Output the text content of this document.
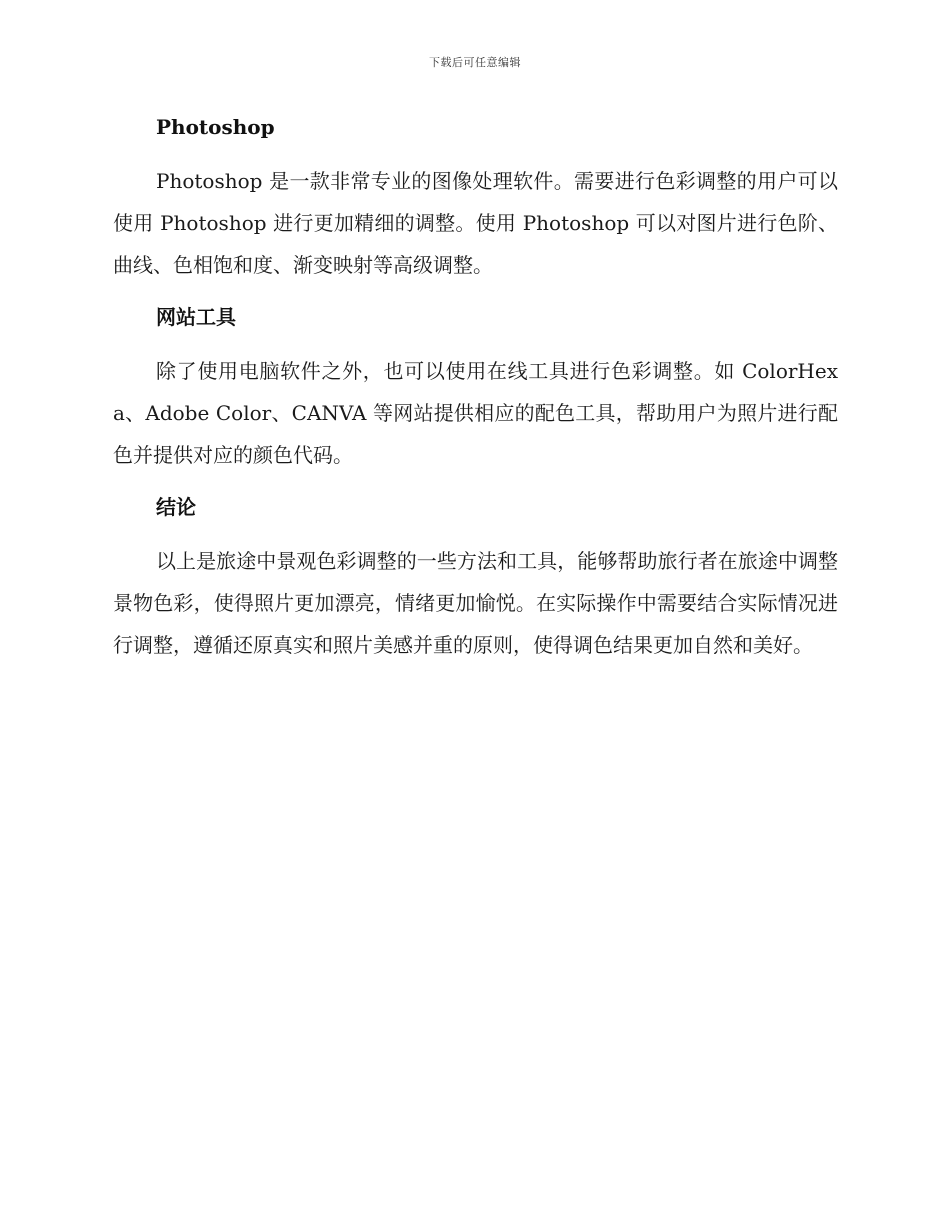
下载后可任意编辑
Photoshop

Photoshop 是一款非常专业的图像处理软件。需要进行色彩调整的用户可以使用 Photoshop 进行更加精细的调整。使用 Photoshop 可以对图片进行色阶、曲线、色相饱和度、渐变映射等高级调整。

网站工具

除了使用电脑软件之外，也可以使用在线工具进行色彩调整。如 ColorHexa、Adobe Color、CANVA 等网站提供相应的配色工具，帮助用户为照片进行配色并提供对应的颜色代码。

结论

以上是旅途中景观色彩调整的一些方法和工具，能够帮助旅行者在旅途中调整景物色彩，使得照片更加漂亮，情绪更加愉悦。在实际操作中需要结合实际情况进行调整，遵循还原真实和照片美感并重的原则，使得调色结果更加自然和美好。
